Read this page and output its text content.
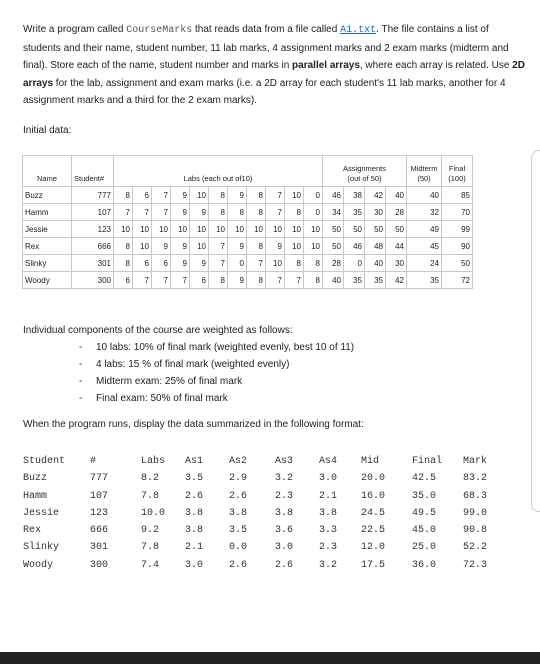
Write a program called CourseMarks that reads data from a file called A1.txt. The file contains a list of students and their name, student number, 11 lab marks, 4 assignment marks and 2 exam marks (midterm and final). Store each of the name, student number and marks in parallel arrays, where each array is related. Use 2D arrays for the lab, assignment and exam marks (i.e. a 2D array for each student's 11 lab marks, another for 4 assignment marks and a third for the 2 exam marks).
Initial data:
Name	Student#	Labs (each out of10)											Assignments
(out of 50)				Midterm
(50)	Final
(100)
Buzz	777	8	6	7	9	10	8	9	8	7	10	0	46	38	42	40	40	85
Hamm	107	7	7	7	9	9	8	8	8	7	8	0	34	35	30	28	32	70
Jessie	123	10	10	10	10	10	10	10	10	10	10	10	50	50	50	50	49	99
Rex	666	8	10	9	9	10	7	9	8	9	10	10	50	46	48	44	45	90
Slinky	301	8	6	6	9	9	7	0	7	10	8	8	28	0	40	30	24	50
Woody	300	6	7	7	7	6	8	9	8	7	7	8	40	35	35	42	35	72
Individual components of the course are weighted as follows:
- 10 labs: 10% of final mark (weighted evenly, best 10 of 11)
- 4 labs: 15 % of final mark (weighted evenly)
- Midterm exam: 25% of final mark
- Final exam: 50% of final mark
When the program runs, display the data summarized in the following format:
Student #	Labs As1	As2	As3	As4 Mid	Final Mark
Buzz	777	8.2	3.5	2.9	3.2	3.0 20.0	42.5	83.2
Hamm	107	7.8	2.6	2.6	2.3	2.1 16.0	35.0	68.3
Jessie	123	10.0 3.8	3.8	3.8	3.8 24.5	49.5	99.0
Rex	666	9.2	3.8	3.5	3.6	3.3 22.5	45.0	90.8
Slinky	301	7.8	2.1	0.0	3.0	2.3 12.0	25.0	52.2
Woody	300	7.4	3.0	2.6	2.6	3.2 17.5	36.0	72.3
